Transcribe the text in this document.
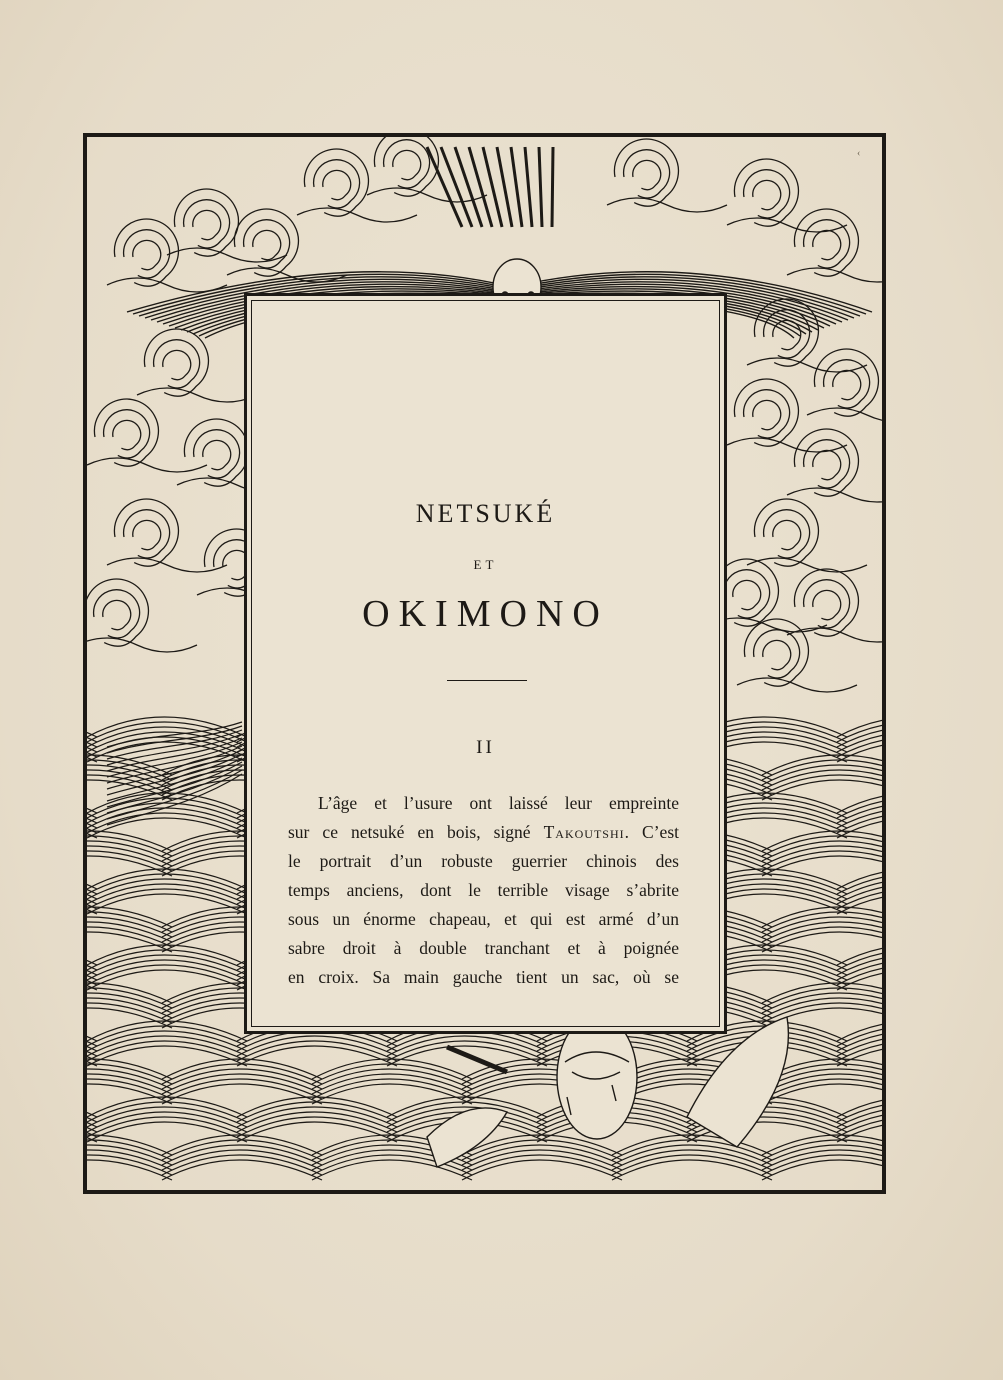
‹
NETSUKÉ
ET
OKIMONO
II
L’âge et l’usure ont laissé leur empreinte
sur ce netsuké en bois, signé Takoutshi. C’est
le portrait d’un robuste guerrier chinois des
temps anciens, dont le terrible visage s’abrite
sous un énorme chapeau, et qui est armé d’un
sabre droit à double tranchant et à poignée
en croix. Sa main gauche tient un sac, où se
